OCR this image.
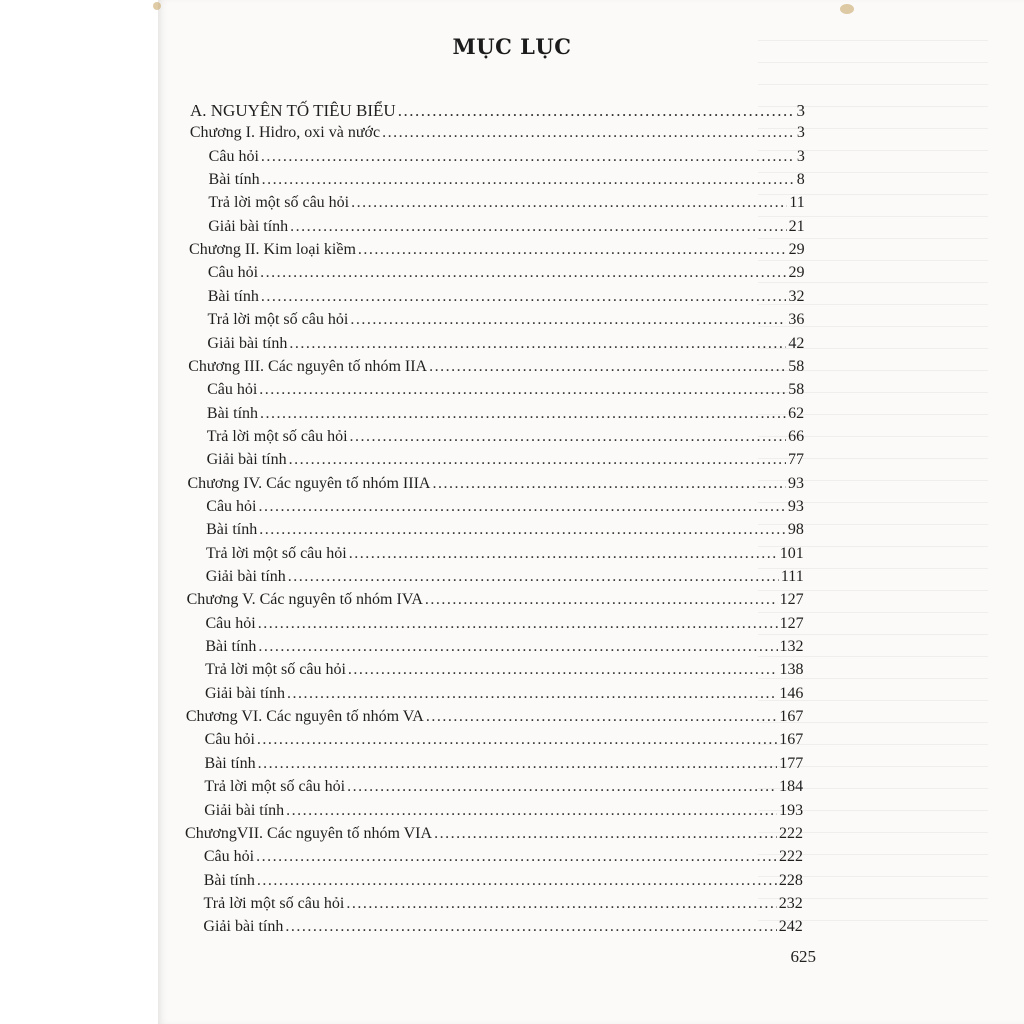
MỤC LỤC
A. NGUYÊN TỐ TIÊU BIỂU .....	3
Chương I. Hidro, oxi và nước .....	3
Câu hỏi .....	3
Bài tính .....	8
Trả lời một số câu hỏi .....	11
Giải bài tính .....	21
Chương II. Kim loại kiềm .....	29
Câu hỏi .....	29
Bài tính .....	32
Trả lời một số câu hỏi .....	36
Giải bài tính .....	42
Chương III. Các nguyên tố nhóm IIA .....	58
Câu hỏi .....	58
Bài tính .....	62
Trả lời một số câu hỏi .....	66
Giải bài tính .....	77
Chương IV. Các nguyên tố nhóm IIIA .....	93
Câu hỏi .....	93
Bài tính .....	98
Trả lời một số câu hỏi .....	101
Giải bài tính .....	111
Chương V. Các nguyên tố nhóm IVA .....	127
Câu hỏi .....	127
Bài tính .....	132
Trả lời một số câu hỏi .....	138
Giải bài tính .....	146
Chương VI. Các nguyên tố nhóm VA .....	167
Câu hỏi .....	167
Bài tính .....	177
Trả lời một số câu hỏi .....	184
Giải bài tính .....	193
ChươngVII. Các nguyên tố nhóm VIA .....	222
Câu hỏi .....	222
Bài tính .....	228
Trả lời một số câu hỏi .....	232
Giải bài tính .....	242
625
